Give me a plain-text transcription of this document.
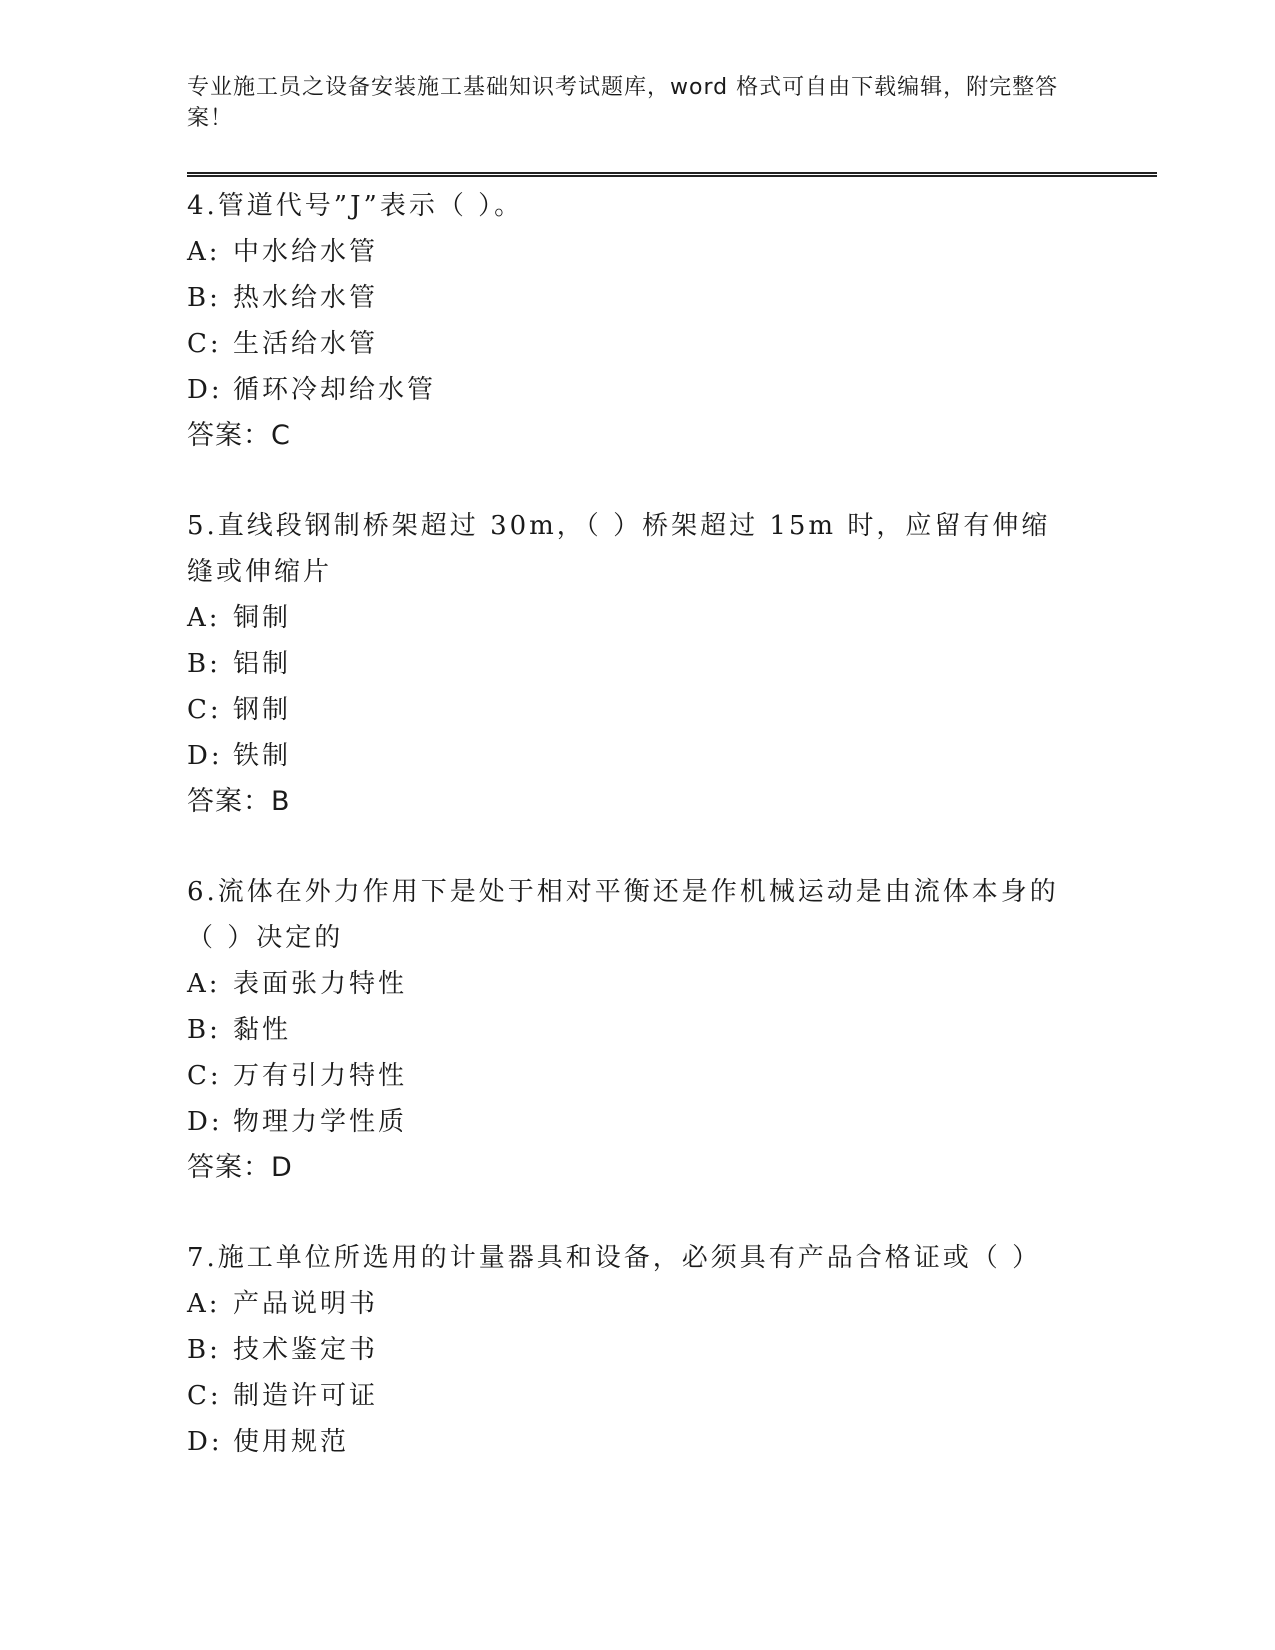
专业施工员之设备安装施工基础知识考试题库，word 格式可自由下载编辑，附完整答案！

4.管道代号”J”表示（ ）。

A: 中水给水管

B: 热水给水管

C: 生活给水管

D: 循环冷却给水管

答案：C

5.直线段钢制桥架超过 30m，（ ）桥架超过 15m 时，应留有伸缩缝或伸缩片

A: 铜制

B: 铝制

C: 钢制

D: 铁制

答案：B

6.流体在外力作用下是处于相对平衡还是作机械运动是由流体本身的（ ）决定的

A: 表面张力特性

B: 黏性

C: 万有引力特性

D: 物理力学性质

答案：D

7.施工单位所选用的计量器具和设备，必须具有产品合格证或（ ）

A: 产品说明书

B: 技术鉴定书

C: 制造许可证

D: 使用规范
